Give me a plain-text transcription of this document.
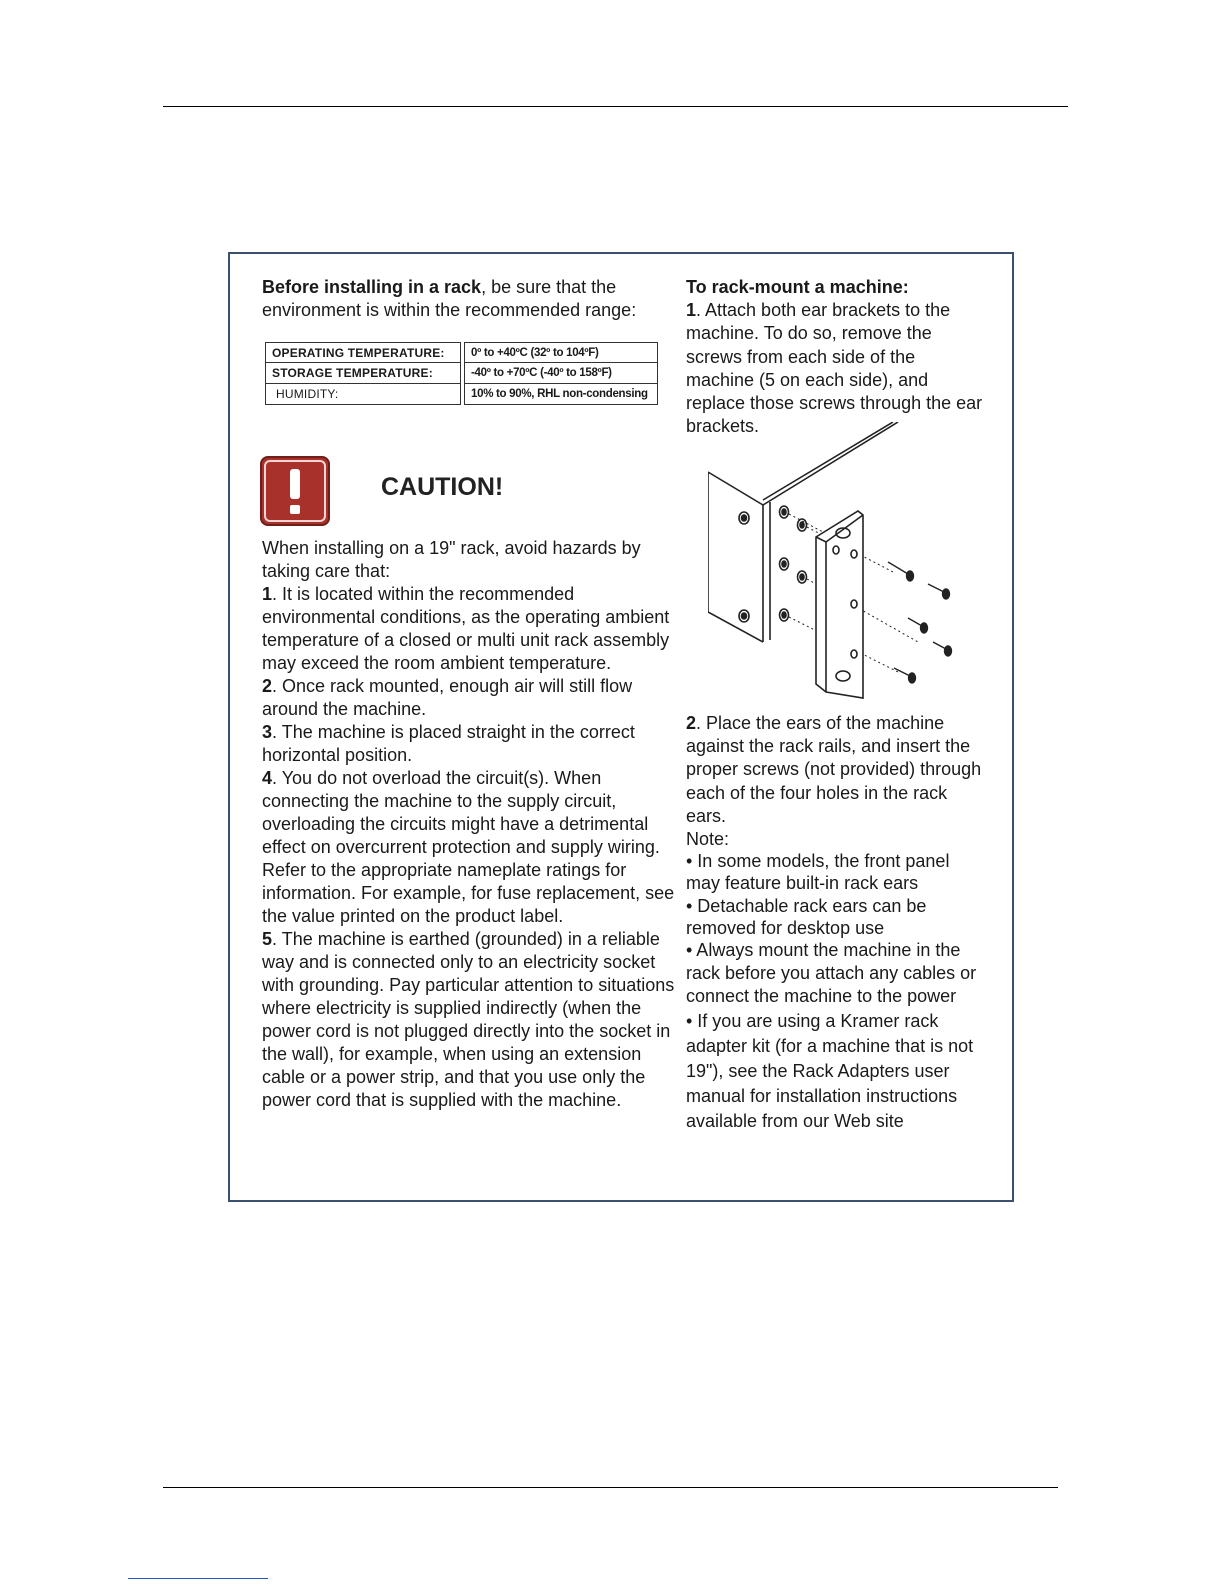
Before installing in a rack, be sure that the environment is within the recommended range:

OPERATING TEMPERATURE:	0º to +40ºC (32º to 104ºF)
STORAGE TEMPERATURE:	-40º to +70ºC (-40º to 158ºF)
HUMIDITY:	10% to 90%, RHL non-condensing
CAUTION!

When installing on a 19" rack, avoid hazards by taking care that:

1. It is located within the recommended environmental conditions, as the operating ambient temperature of a closed or multi unit rack assembly may exceed the room ambient temperature.

2. Once rack mounted, enough air will still flow around the machine.

3. The machine is placed straight in the correct horizontal position.

4. You do not overload the circuit(s). When connecting the machine to the supply circuit, overloading the circuits might have a detrimental effect on overcurrent protection and supply wiring. Refer to the appropriate nameplate ratings for information. For example, for fuse replacement, see the value printed on the product label.

5. The machine is earthed (grounded) in a reliable way and is connected only to an electricity socket with grounding. Pay particular attention to situations where electricity is supplied indirectly (when the power cord is not plugged directly into the socket in the wall), for example, when using an extension cable or a power strip, and that you use only the power cord that is supplied with the machine.

To rack-mount a machine:

1. Attach both ear brackets to the machine. To do so, remove the screws from each side of the machine (5 on each side), and replace those screws through the ear brackets.

2. Place the ears of the machine against the rack rails, and insert the proper screws (not provided) through each of the four holes in the rack ears.

Note:

• In some models, the front panel may feature built-in rack ears

• Detachable rack ears can be removed for desktop use

• Always mount the machine in the rack before you attach any cables or connect the machine to the power

• If you are using a Kramer rack adapter kit (for a machine that is not 19"), see the Rack Adapters user manual for installation instructions available from our Web site
